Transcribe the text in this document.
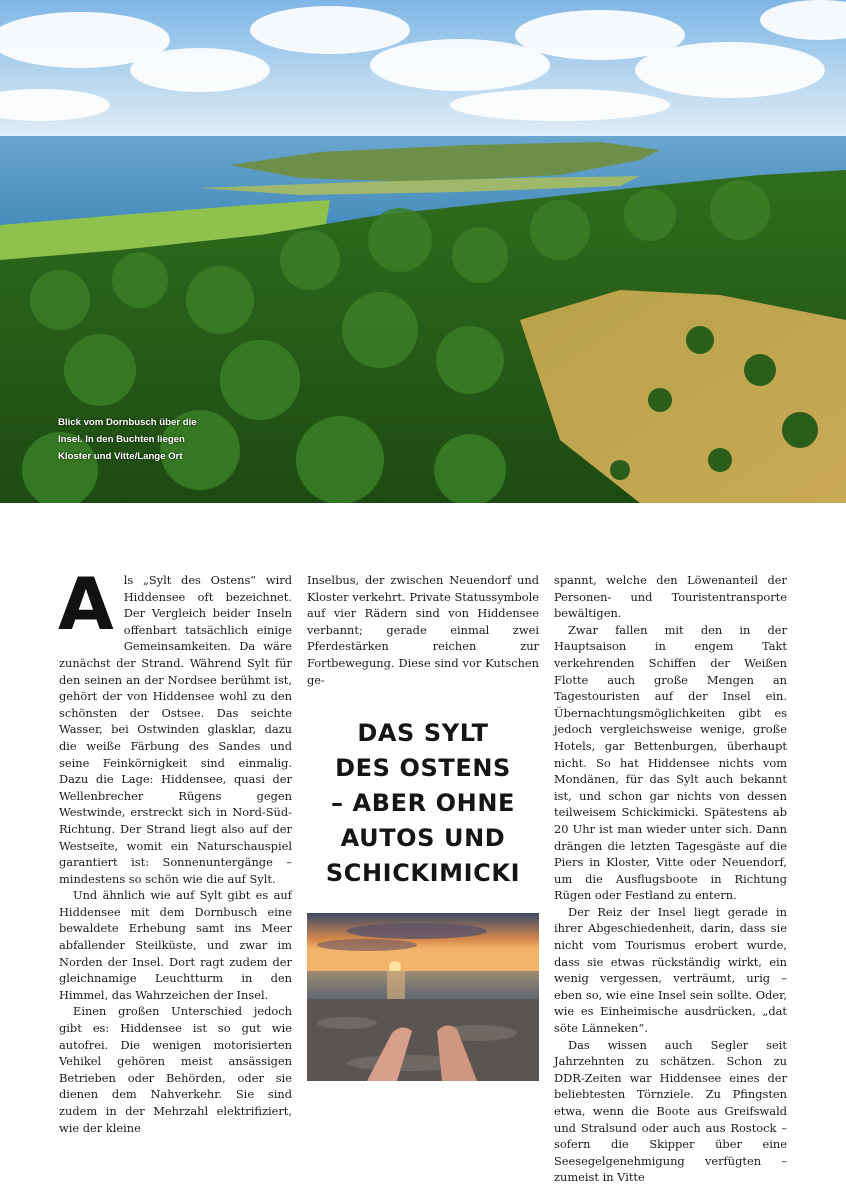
Blick vom Dornbusch über die
Insel. In den Buchten liegen
Kloster und Vitte/Lange Ort

Als „Sylt des Ostens“ wird Hiddensee oft bezeichnet. Der Vergleich beider Inseln offenbart tatsächlich einige Gemeinsamkeiten. Da wäre zunächst der Strand. Während Sylt für den seinen an der Nordsee berühmt ist, gehört der von Hiddensee wohl zu den schönsten der Ostsee. Das seichte Wasser, bei Ostwinden glasklar, dazu die weiße Färbung des Sandes und seine Feinkörnigkeit sind einmalig. Dazu die Lage: Hiddensee, quasi der Wellenbrecher Rügens gegen Westwinde, erstreckt sich in Nord-Süd-Richtung. Der Strand liegt also auf der Westseite, womit ein Naturschauspiel garantiert ist: Sonnenuntergänge – mindestens so schön wie die auf Sylt.

Und ähnlich wie auf Sylt gibt es auf Hiddensee mit dem Dornbusch eine bewaldete Erhebung samt ins Meer abfallender Steilküste, und zwar im Norden der Insel. Dort ragt zudem der gleichnamige Leuchtturm in den Himmel, das Wahrzeichen der Insel.

Einen großen Unterschied jedoch gibt es: Hiddensee ist so gut wie autofrei. Die wenigen motorisierten Vehikel gehören meist ansässigen Betrieben oder Behörden, oder sie dienen dem Nahverkehr. Sie sind zudem in der Mehrzahl elektrifiziert, wie der kleine

Inselbus, der zwischen Neuendorf und Kloster verkehrt. Private Statussymbole auf vier Rädern sind von Hiddensee verbannt; gerade einmal zwei Pferdestärken reichen zur Fortbewegung. Diese sind vor Kutschen ge-

DAS SYLT
DES OSTENS
– ABER OHNE
AUTOS UND
SCHICKIMICKI

spannt, welche den Löwenanteil der Personen- und Touristentransporte bewältigen.

Zwar fallen mit den in der Hauptsaison in engem Takt verkehrenden Schiffen der Weißen Flotte auch große Mengen an Tagestouristen auf der Insel ein. Übernachtungsmöglichkeiten gibt es jedoch vergleichsweise wenige, große Hotels, gar Bettenburgen, überhaupt nicht. So hat Hiddensee nichts vom Mondänen, für das Sylt auch bekannt ist, und schon gar nichts von dessen teilweisem Schickimicki. Spätestens ab 20 Uhr ist man wieder unter sich. Dann drängen die letzten Tagesgäste auf die Piers in Kloster, Vitte oder Neuendorf, um die Ausflugsboote in Richtung Rügen oder Festland zu entern.

Der Reiz der Insel liegt gerade in ihrer Abgeschiedenheit, darin, dass sie nicht vom Tourismus erobert wurde, dass sie etwas rückständig wirkt, ein wenig vergessen, verträumt, urig – eben so, wie eine Insel sein sollte. Oder, wie es Einheimische ausdrücken, „dat söte Länneken“.

Das wissen auch Segler seit Jahrzehnten zu schätzen. Schon zu DDR-Zeiten war Hiddensee eines der beliebtesten Törnziele. Zu Pfingsten etwa, wenn die Boote aus Greifswald und Stralsund oder auch aus Rostock – sofern die Skipper über eine Seesegelgenehmigung verfügten – zumeist in Vitte
